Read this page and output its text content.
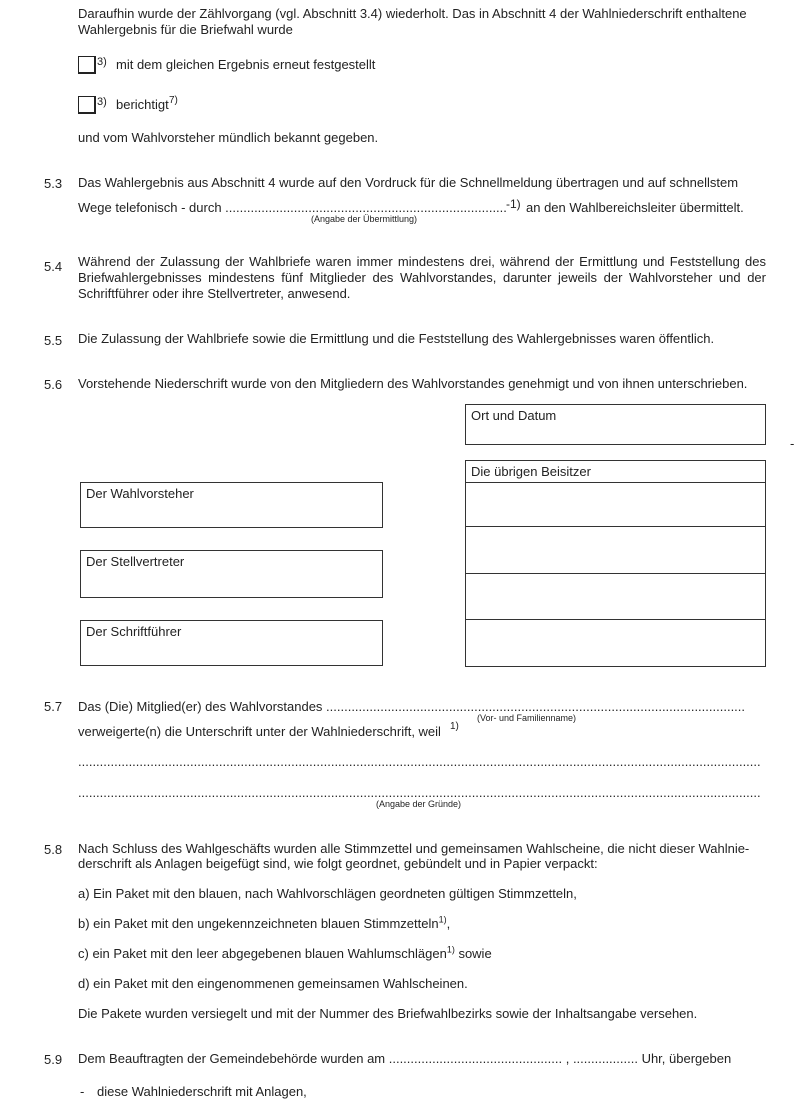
Daraufhin wurde der Zählvorgang (vgl. Abschnitt 3.4) wiederholt. Das in Abschnitt 4 der Wahlniederschrift enthaltene
Wahlergebnis für die Briefwahl wurde
3) mit dem gleichen Ergebnis erneut festgestellt
3) berichtigt 7)
und vom Wahlvorsteher mündlich bekannt gegeben.
5.3 Das Wahlergebnis aus Abschnitt 4 wurde auf den Vordruck für die Schnellmeldung übertragen und auf schnellstem
Wege telefonisch - durch .............................................................................. -1) an den Wahlbereichsleiter übermittelt.
(Angabe der Übermittlung)
5.4 Während der Zulassung der Wahlbriefe waren immer mindestens drei, während der Ermittlung und Feststellung des Briefwahlergebnisses mindestens fünf Mitglieder des Wahlvorstandes, darunter jeweils der Wahlvorsteher und der Schriftführer oder ihre Stellvertreter, anwesend.
5.5 Die Zulassung der Wahlbriefe sowie die Ermittlung und die Feststellung des Wahlergebnisses waren öffentlich.
5.6 Vorstehende Niederschrift wurde von den Mitgliedern des Wahlvorstandes genehmigt und von ihnen unterschrieben.
Ort und Datum
-
Die übrigen Beisitzer
Der Wahlvorsteher
Der Stellvertreter
Der Schriftführer
5.7 Das (Die) Mitglied(er) des Wahlvorstandes ....................................................................................................................
(Vor- und Familienname)
verweigerte(n) die Unterschrift unter der Wahlniederschrift, weil 1)
.............................................................................................................................................................................................
.............................................................................................................................................................................................
(Angabe der Gründe)
5.8 Nach Schluss des Wahlgeschäfts wurden alle Stimmzettel und gemeinsamen Wahlscheine, die nicht dieser Wahlnie-
derschrift als Anlagen beigefügt sind, wie folgt geordnet, gebündelt und in Papier verpackt:
a) Ein Paket mit den blauen, nach Wahlvorschlägen geordneten gültigen Stimmzetteln,
b) ein Paket mit den ungekennzeichneten blauen Stimmzetteln$^{1)}$,
c) ein Paket mit den leer abgegebenen blauen Wahlumschlägen$^{1)}$ sowie
d) ein Paket mit den eingenommenen gemeinsamen Wahlscheinen.
Die Pakete wurden versiegelt und mit der Nummer des Briefwahlbezirks sowie der Inhaltsangabe versehen.
5.9 Dem Beauftragten der Gemeindebehörde wurden am ................................................ , .................. Uhr, übergeben
- diese Wahlniederschrift mit Anlagen,
